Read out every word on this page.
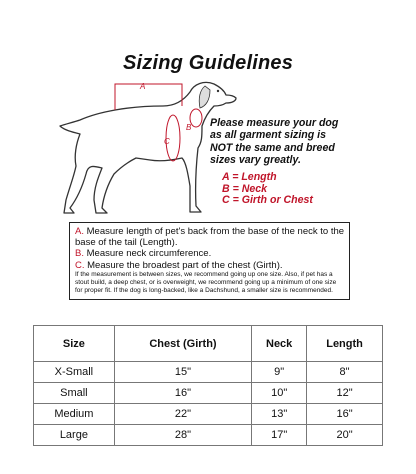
Sizing Guidelines
A
B
C
Please measure your dog as all garment sizing is NOT the same and breed sizes vary greatly.
A = Length
B = Neck
C = Girth or Chest
A. Measure length of pet's back from the base of the neck to the base of the tail (Length).
B. Measure neck circumference.
C. Measure the broadest part of the chest (Girth).
If the measurement is between sizes, we recommend going up one size. Also, if pet has a stout build, a deep chest, or is overweight, we recommend going up a minimum of one size for proper fit. If the dog is long-backed, like a Dachshund, a smaller size is recommended.
Size	Chest (Girth)	Neck	Length
X-Small	15"	9"	8"
Small	16"	10"	12"
Medium	22"	13"	16"
Large	28"	17"	20"
